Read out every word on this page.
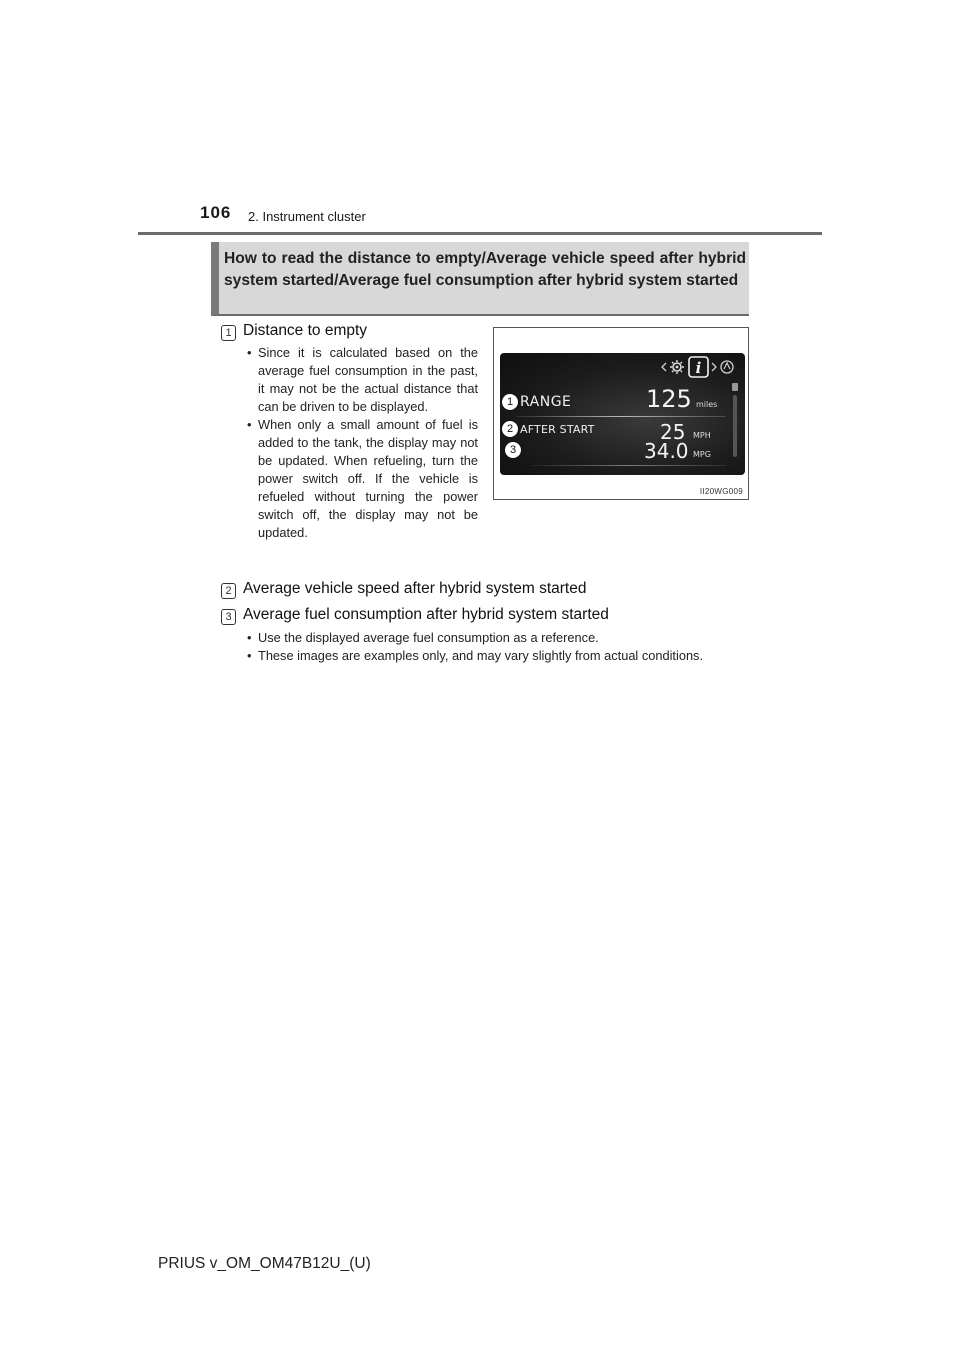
106 2. Instrument cluster
How to read the distance to empty/Average vehicle speed after hybrid system started/Average fuel consumption after hybrid system started
1 Distance to empty
• Since it is calculated based on the average fuel consumption in the past, it may not be the actual distance that can be driven to be displayed.
• When only a small amount of fuel is added to the tank, the display may not be updated. When refueling, turn the power switch off. If the vehicle is refueled without turning the power switch off, the display may not be updated.
i
1 RANGE	125 miles
2 AFTER START	25 MPH
3	34.0 MPG
II20WG009
2 Average vehicle speed after hybrid system started
3 Average fuel consumption after hybrid system started
• Use the displayed average fuel consumption as a reference.
• These images are examples only, and may vary slightly from actual conditions.
PRIUS v_OM_OM47B12U_(U)
